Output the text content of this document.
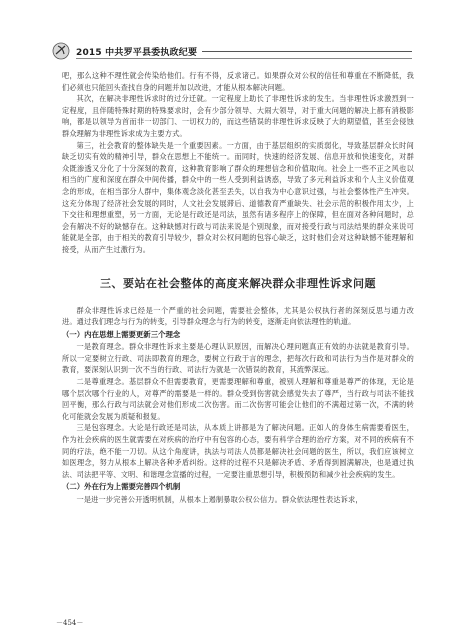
2015 中共罗平县委执政纪要

吧，那么这种不理性就会传染给他们。行有不得，反求诸己。如果群众对公权的信任和尊重在不断降低，我们必须也只能回头查找自身的问题并加以改进，才能从根本解决问题。

其次，在解决非理性诉求时的过分迁就。一定程度上助长了非理性诉求的发生。当非理性诉求激烈到一定程度，且伴随特殊时期的特殊要求时，会有少部分领导、大闹大领导，对于重大问题的解决上都有消极影响，都是以领导为首而非一切部门、一切权力的，而这些错误的非理性诉求反映了大的期望值，甚至会侵蚀群众理解为非理性诉求成为主要方式。

第三，社会教育的整体缺失是一个重要因素。一方面，由于基层组织的实质弱化，导致基层群众长时间缺乏切实有效的精神引导，群众在思想上不能统一。而同时，快速的经济发展、信息开放和快速变化，对群众既渗透又分化了十分深刻的教育，这种教育影响了群众的理想信念和价值取向。社会上一些不正之风也以相当的广度和深度在群众中间传播，群众中的一些人受到利益诱惑，导致了多元利益诉求和个人主义价值观念的形成，在相当部分人群中，集体观念淡化甚至丢失，以自我为中心意识过强，与社会整体性产生冲突。这充分体现了经济社会发展的同时，人文社会发展滞后、道德教育严重缺失、社会示范的积极作用太少，上下交往和理想重塑，另一方面，无论是行政还是司法，虽然有诸多程序上的保障，但在面对各种问题时，总会有解决不好的缺憾存在。这种缺憾对行政与司法来说是个别现象，而对接受行政与司法结果的群众来说可能就是全部，由于相关的教育引导较少，群众对公权问题的包容心缺乏，这时他们会对这种缺憾不能理解和接受，从而产生过激行为。

三、要站在社会整体的高度来解决群众非理性诉求问题

群众非理性诉求已经是一个严重的社会问题，需要社会整体，尤其是公权执行者的深刻反思与通力改进。通过我们理念与行为的转变，引导群众理念与行为的转变，逐渐走向依法理性的轨道。

（一）内在思想上需要更新三个理念

一是教育理念。群众非理性诉求主要是心理认识原因，而解决心理问题真正有效的办法就是教育引导。所以一定要树立行政、司法即教育的理念，要树立行政于言的理念，把每次行政和司法行为当作是对群众的教育，要深刻认识到一次不当的行政、司法行为就是一次错误的教育，其流弊深远。

二是尊重理念。基层群众不但需要教育，更需要理解和尊重，被别人理解和尊重是尊严的体现，无论是哪个层次哪个行业的人，对尊严的需要是一样的。群众受到伤害就会感觉失去了尊严，当行政与司法不能找回平衡，那么行政与司法就会对他们形成二次伤害。而二次伤害可能会让他们的不满超过第一次，不满的转化可能就会发展为质疑和报复。

三是包容理念。大论是行政还是司法，从本质上讲都是为了解决问题。正如人的身体生病需要看医生，作为社会疾病的医生就需要在对疾病的治疗中有包容的心态，要有科学合理的治疗方案，对不同的疾病有不同的疗法，绝不能一刀切。从这个角度讲，执法与司法人员都是解决社会问题的医生，所以，我们应该树立如医理念，努力从根本上解决各种矛盾纠纷。这样的过程不只是解决矛盾、矛盾得到圆满解决，也是通过执法、司法把平等、文明、和谐理念宣播的过程，一定要注重思想引导，积极预防和减少社会疾病的发生。

（二）外在行为上需要完善四个机制

一是进一步完善公开透明机制，从根本上遏制暴取公权公信力。群众依法理性表达诉求，

－454－
